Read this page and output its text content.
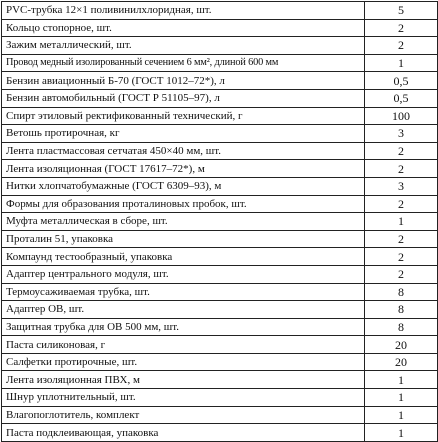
PVC-трубка 12×1 поливинилхлоридная, шт.	5
Кольцо стопорное, шт.	2
Зажим металлический, шт.	2
Провод медный изолированный сечением 6 мм², длиной 600 мм	1
Бензин авиационный Б-70 (ГОСТ 1012–72*), л	0,5
Бензин автомобильный (ГОСТ Р 51105–97), л	0,5
Спирт этиловый ректификованный технический, г	100
Ветошь протирочная, кг	3
Лента пластмассовая сетчатая 450×40 мм, шт.	2
Лента изоляционная (ГОСТ 17617–72*), м	2
Нитки хлопчатобумажные (ГОСТ 6309–93), м	3
Формы для образования проталиновых пробок, шт.	2
Муфта металлическая в сборе, шт.	1
Проталин 51, упаковка	2
Компаунд тестообразный, упаковка	2
Адаптер центрального модуля, шт.	2
Термоусаживаемая трубка, шт.	8
Адаптер ОВ, шт.	8
Защитная трубка для ОВ 500 мм, шт.	8
Паста силиконовая, г	20
Салфетки протирочные, шт.	20
Лента изоляционная ПВХ, м	1
Шнур уплотнительный, шт.	1
Влагопоглотитель, комплект	1
Паста подклеивающая, упаковка	1
